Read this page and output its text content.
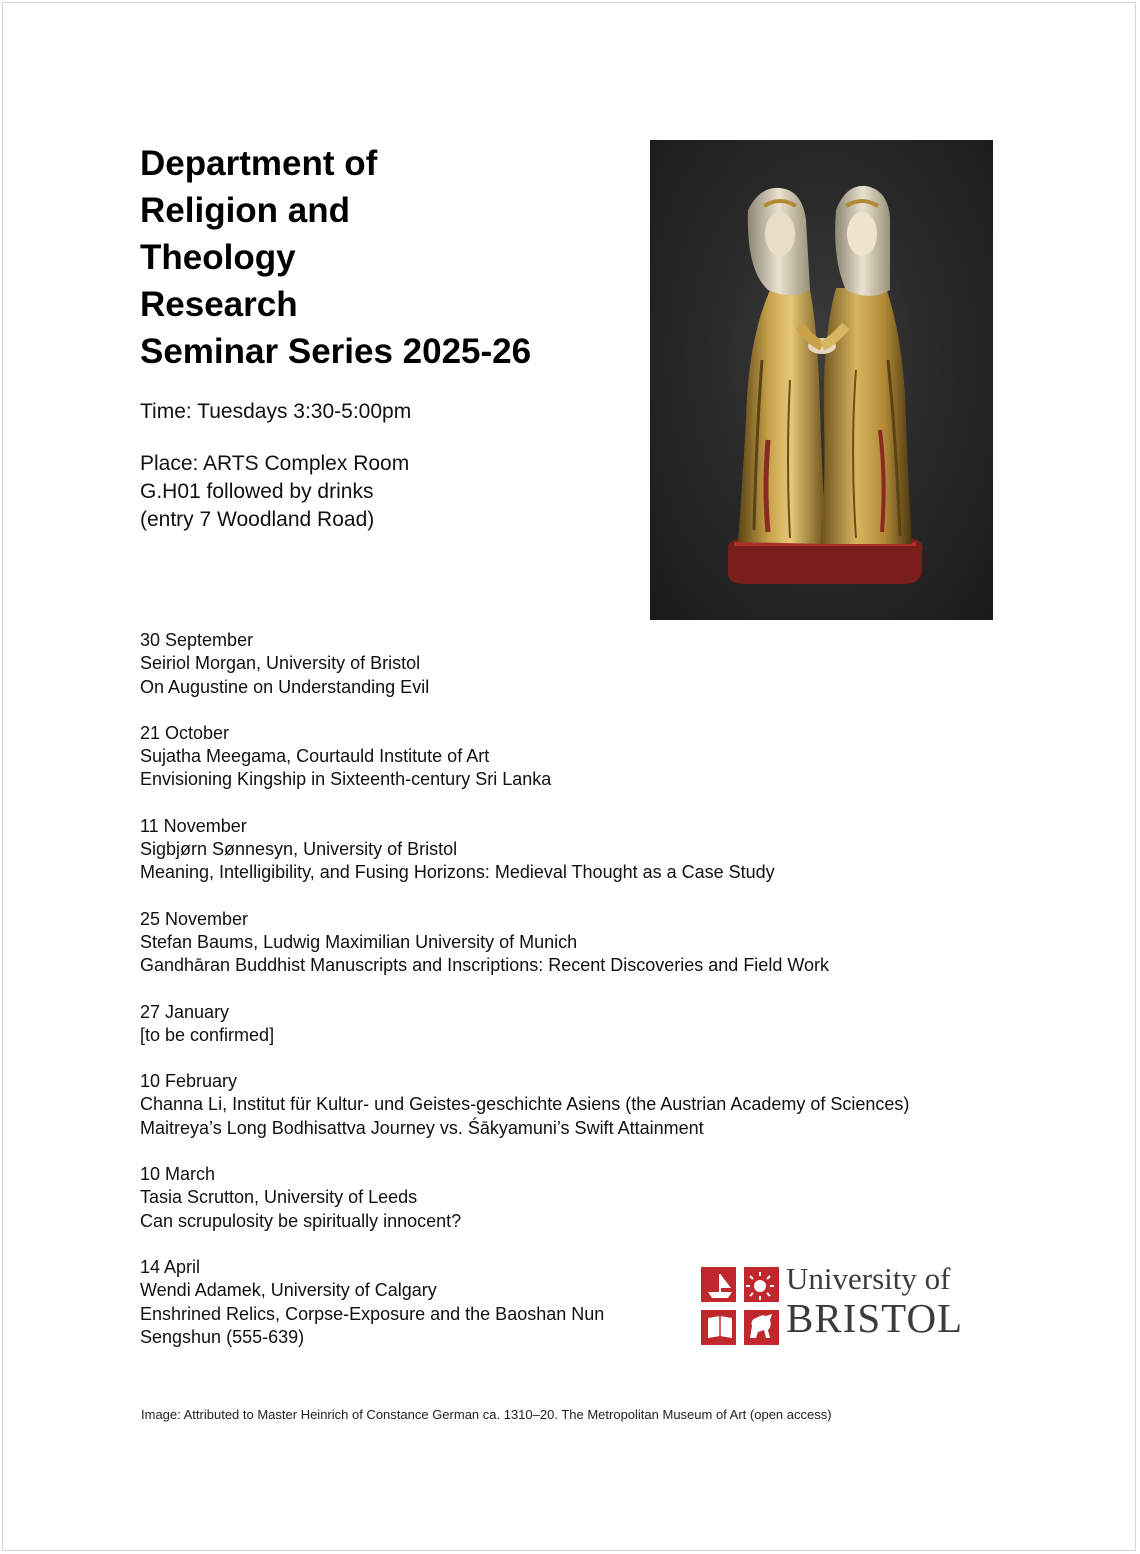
Department of
Religion and
Theology
Research
Seminar Series 2025-26

Time: Tuesdays 3:30-5:00pm

Place: ARTS Complex Room
G.H01 followed by drinks
(entry 7 Woodland Road)

30 September
Seiriol Morgan, University of Bristol
On Augustine on Understanding Evil
21 October
Sujatha Meegama, Courtauld Institute of Art
Envisioning Kingship in Sixteenth-century Sri Lanka
11 November
Sigbjørn Sønnesyn, University of Bristol
Meaning, Intelligibility, and Fusing Horizons: Medieval Thought as a Case Study
25 November
Stefan Baums, Ludwig Maximilian University of Munich
Gandhāran Buddhist Manuscripts and Inscriptions: Recent Discoveries and Field Work
27 January
[to be confirmed]
10 February
Channa Li, Institut für Kultur- und Geistes-geschichte Asiens (the Austrian Academy of Sciences)
Maitreya’s Long Bodhisattva Journey vs. Śākyamuni’s Swift Attainment
10 March
Tasia Scrutton, University of Leeds
Can scrupulosity be spiritually innocent?
14 April
Wendi Adamek, University of Calgary
Enshrined Relics, Corpse-Exposure and the Baoshan Nun
Sengshun (555-639)
University of
BRISTOL
Image: Attributed to Master Heinrich of Constance German ca. 1310–20. The Metropolitan Museum of Art (open access)
